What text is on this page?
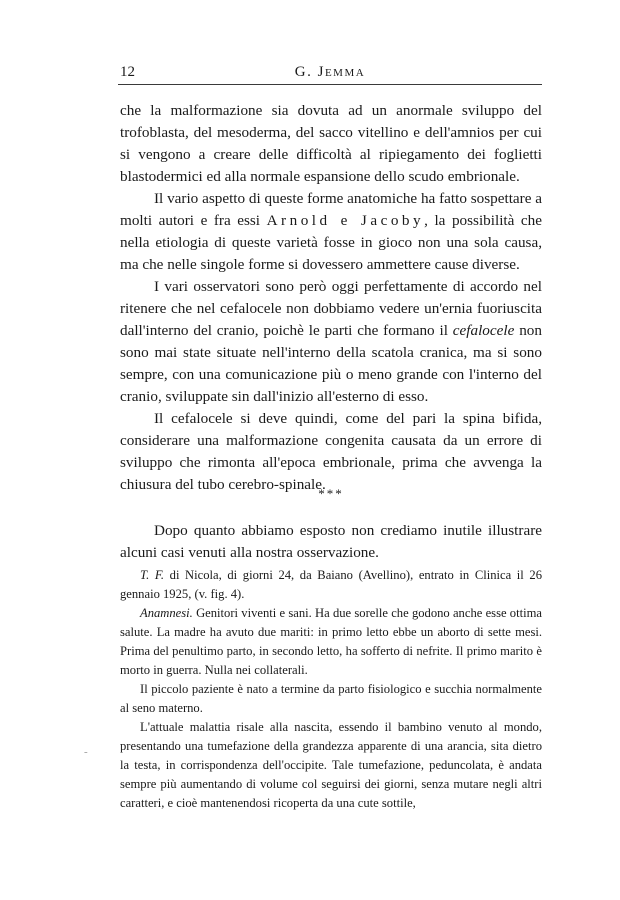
12	G. Jemma

che la malformazione sia dovuta ad un anormale sviluppo del trofoblasta, del mesoderma, del sacco vitellino e dell'amnios per cui si vengono a creare delle difficoltà al ripiegamento dei foglietti blastodermici ed alla normale espansione dello scudo embrionale.

Il vario aspetto di queste forme anatomiche ha fatto sospettare a molti autori e fra essi Arnold e Jacoby, la possibilità che nella etiologia di queste varietà fosse in gioco non una sola causa, ma che nelle singole forme si dovessero ammettere cause diverse.

I vari osservatori sono però oggi perfettamente di accordo nel ritenere che nel cefalocele non dobbiamo vedere un'ernia fuoriuscita dall'interno del cranio, poichè le parti che formano il cefalocele non sono mai state situate nell'interno della scatola cranica, ma si sono sempre, con una comunicazione più o meno grande con l'interno del cranio, sviluppate sin dall'inizio all'esterno di esso.

Il cefalocele si deve quindi, come del pari la spina bifida, considerare una malformazione congenita causata da un errore di sviluppo che rimonta all'epoca embrionale, prima che avvenga la chiusura del tubo cerebro-spinale.

***

Dopo quanto abbiamo esposto non crediamo inutile illustrare alcuni casi venuti alla nostra osservazione.

T. F. di Nicola, di giorni 24, da Baiano (Avellino), entrato in Clinica il 26 gennaio 1925, (v. fig. 4).

Anamnesi. Genitori viventi e sani. Ha due sorelle che godono anche esse ottima salute. La madre ha avuto due mariti: in primo letto ebbe un aborto di sette mesi. Prima del penultimo parto, in secondo letto, ha sofferto di nefrite. Il primo marito è morto in guerra. Nulla nei collaterali.

Il piccolo paziente è nato a termine da parto fisiologico e succhia normalmente al seno materno.

L'attuale malattia risale alla nascita, essendo il bambino venuto al mondo, presentando una tumefazione della grandezza apparente di una arancia, sita dietro la testa, in corrispondenza dell'occipite. Tale tumefazione, peduncolata, è andata sempre più aumentando di volume col seguirsi dei giorni, senza mutare negli altri caratteri, e cioè mantenendosi ricoperta da una cute sottile,

-
